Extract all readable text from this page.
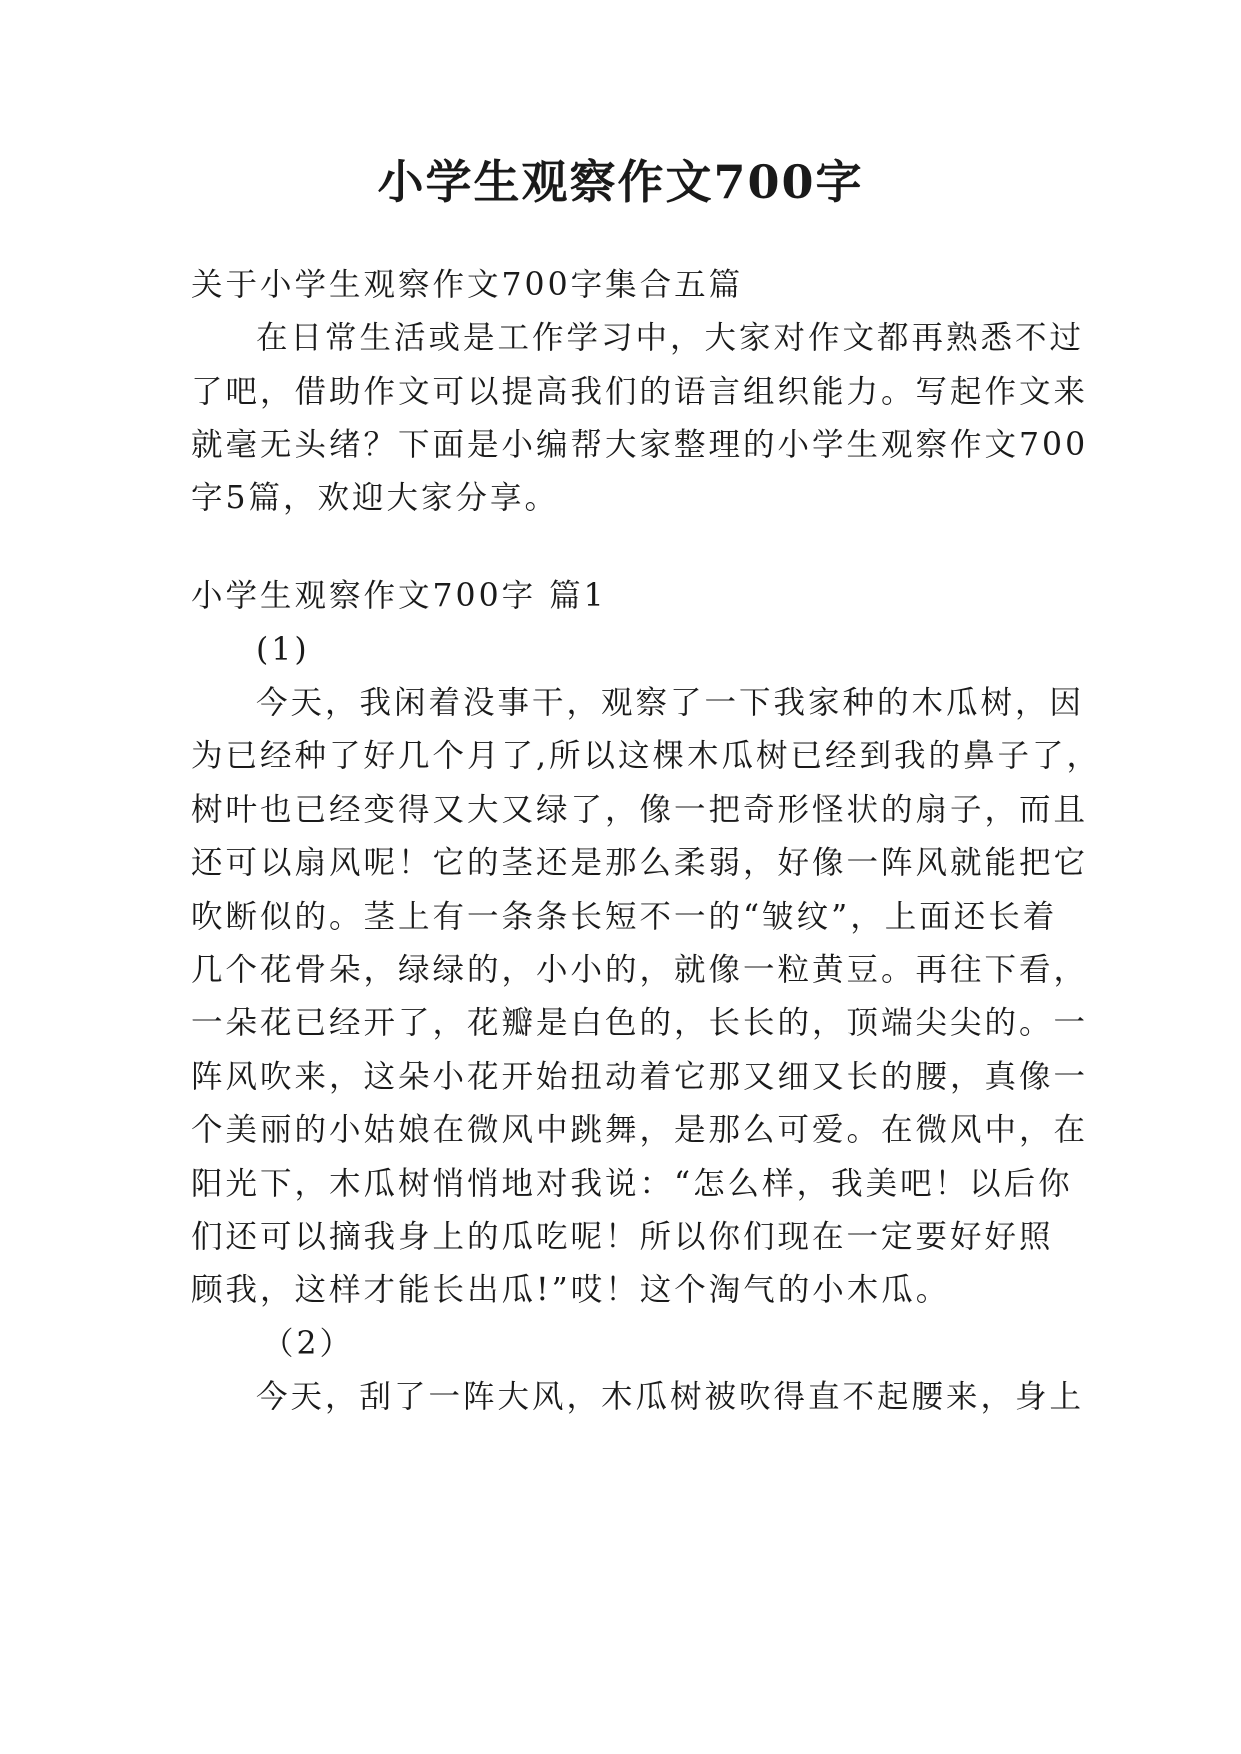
小学生观察作文700字
关于小学生观察作文700字集合五篇
在日常生活或是工作学习中，大家对作文都再熟悉不过
了吧，借助作文可以提高我们的语言组织能力。写起作文来
就毫无头绪？下面是小编帮大家整理的小学生观察作文700
字5篇，欢迎大家分享。
小学生观察作文700字 篇1
(1)
今天，我闲着没事干，观察了一下我家种的木瓜树，因
为已经种了好几个月了,所以这棵木瓜树已经到我的鼻子了，
树叶也已经变得又大又绿了，像一把奇形怪状的扇子，而且
还可以扇风呢！它的茎还是那么柔弱，好像一阵风就能把它
吹断似的。茎上有一条条长短不一的“皱纹”，上面还长着
几个花骨朵，绿绿的，小小的，就像一粒黄豆。再往下看，
一朵花已经开了，花瓣是白色的，长长的，顶端尖尖的。一
阵风吹来，这朵小花开始扭动着它那又细又长的腰，真像一
个美丽的小姑娘在微风中跳舞，是那么可爱。在微风中，在
阳光下，木瓜树悄悄地对我说：“怎么样，我美吧！以后你
们还可以摘我身上的瓜吃呢！所以你们现在一定要好好照
顾我，这样才能长出瓜!”哎！这个淘气的小木瓜。
（2）
今天，刮了一阵大风，木瓜树被吹得直不起腰来，身上
